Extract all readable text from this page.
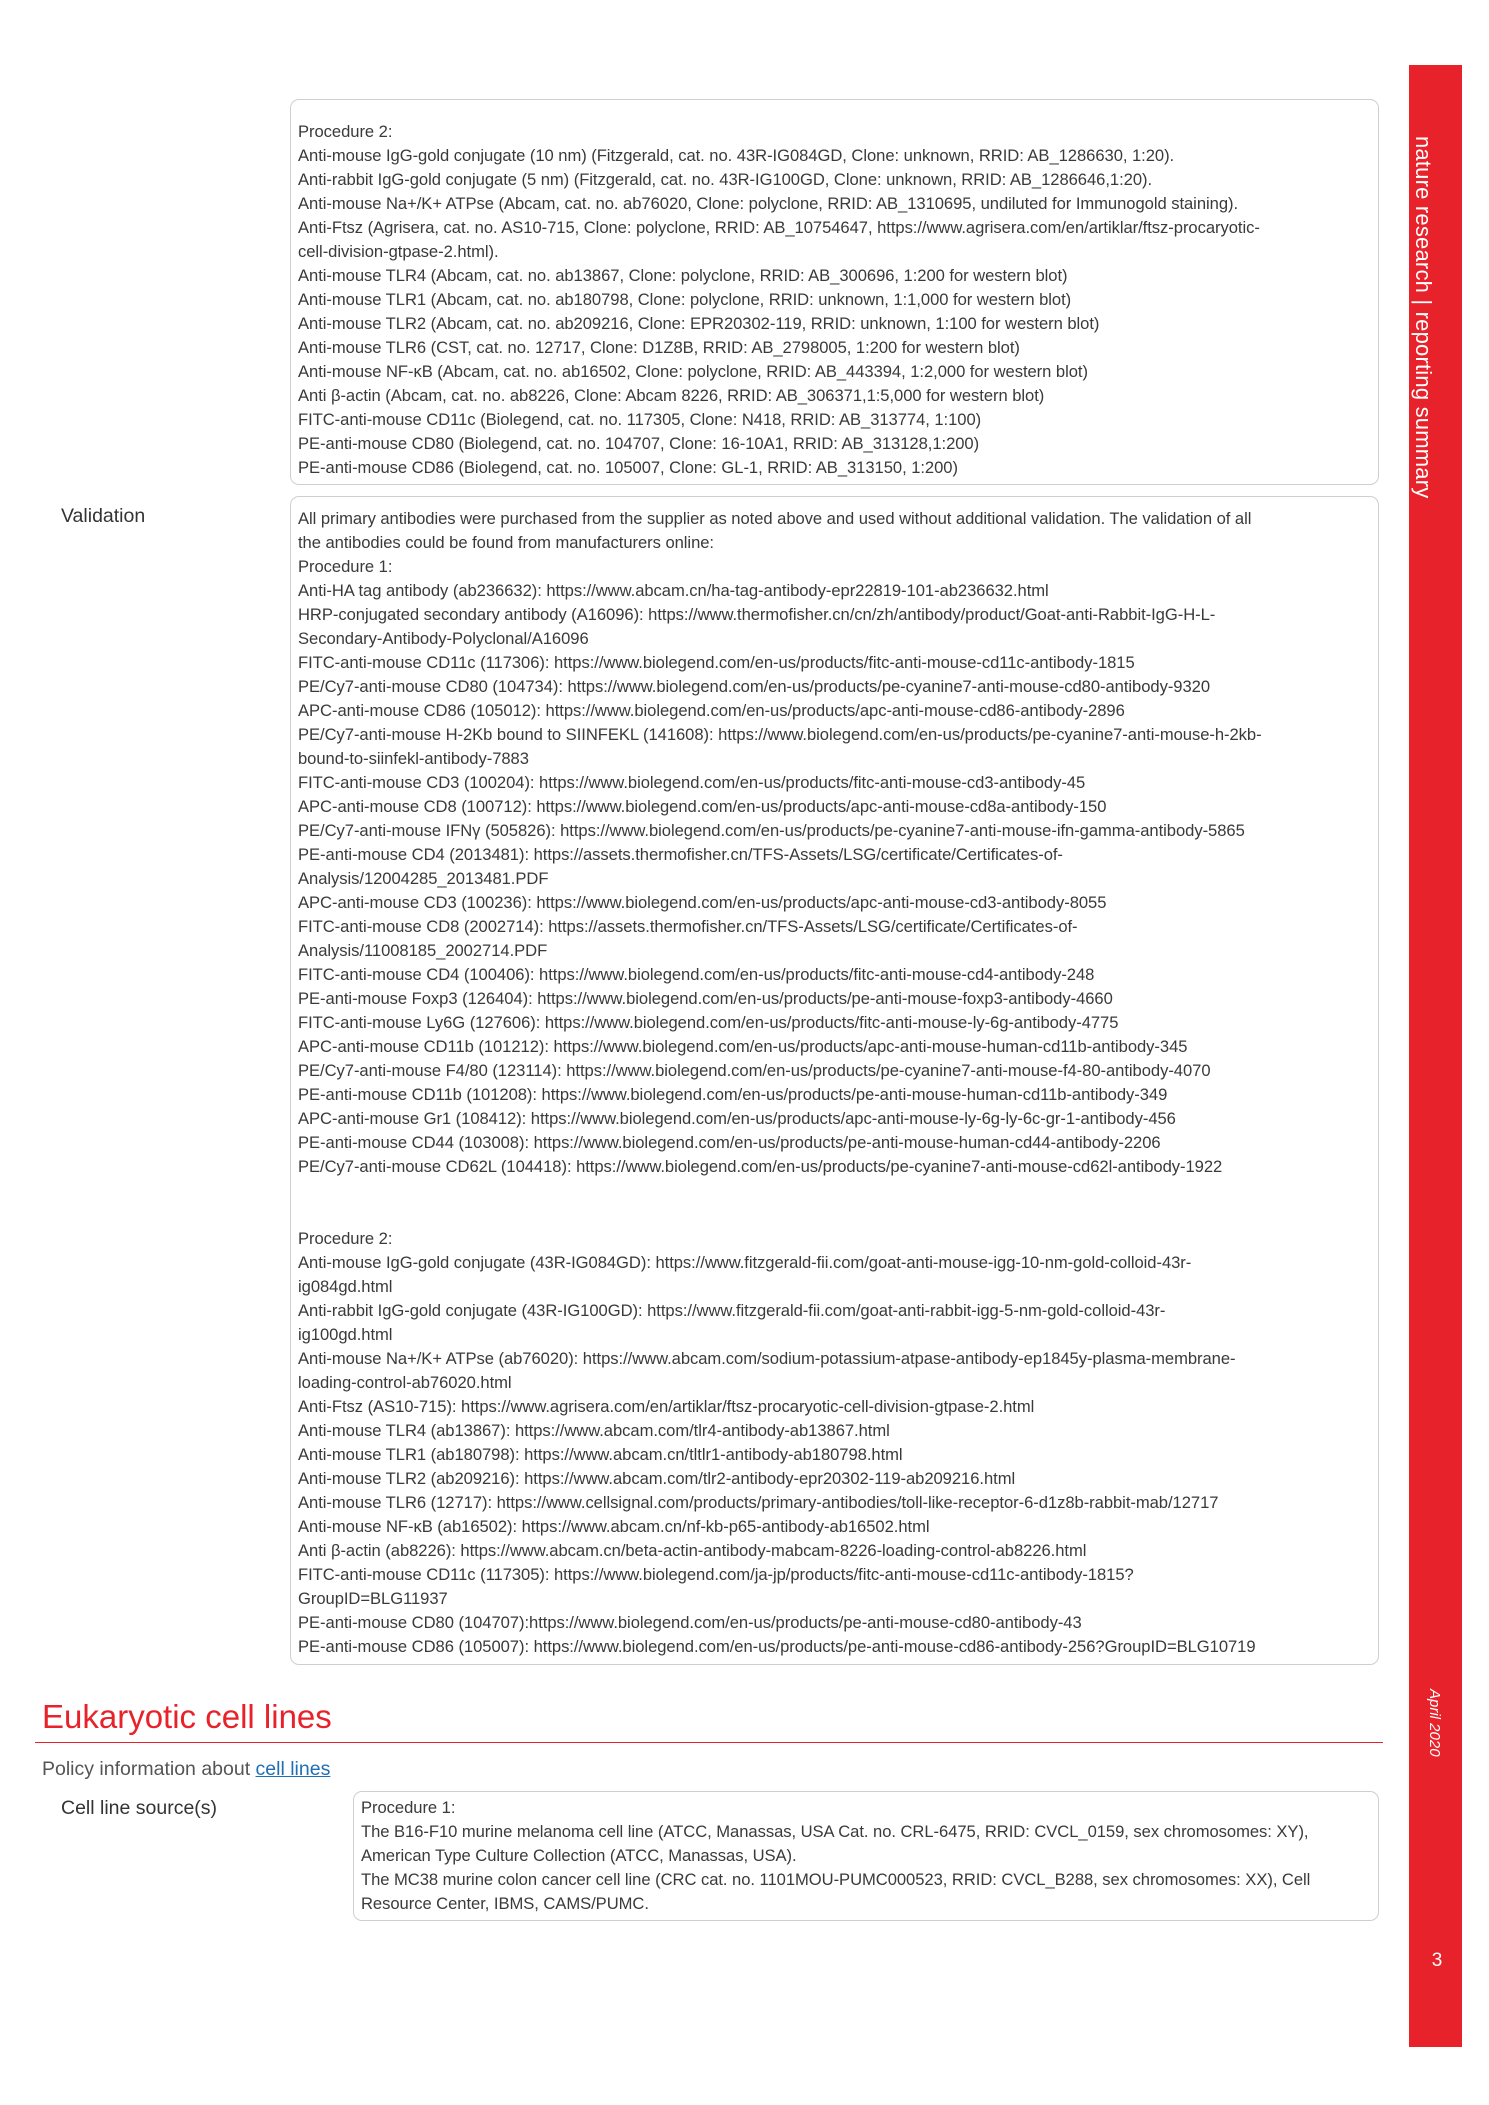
Procedure 2:
Anti-mouse IgG-gold conjugate (10 nm) (Fitzgerald, cat. no. 43R-IG084GD, Clone: unknown, RRID: AB_1286630, 1:20).
Anti-rabbit IgG-gold conjugate (5 nm) (Fitzgerald, cat. no. 43R-IG100GD, Clone: unknown, RRID: AB_1286646,1:20).
Anti-mouse Na+/K+ ATPse (Abcam, cat. no. ab76020, Clone: polyclone, RRID: AB_1310695, undiluted for Immunogold staining).
Anti-Ftsz (Agrisera, cat. no. AS10-715, Clone: polyclone, RRID: AB_10754647, https://www.agrisera.com/en/artiklar/ftsz-procaryotic-
cell-division-gtpase-2.html).
Anti-mouse TLR4 (Abcam, cat. no. ab13867, Clone: polyclone, RRID: AB_300696, 1:200 for western blot)
Anti-mouse TLR1 (Abcam, cat. no. ab180798, Clone: polyclone, RRID: unknown, 1:1,000 for western blot)
Anti-mouse TLR2 (Abcam, cat. no. ab209216, Clone: EPR20302-119, RRID: unknown, 1:100 for western blot)
Anti-mouse TLR6 (CST, cat. no. 12717, Clone: D1Z8B, RRID: AB_2798005, 1:200 for western blot)
Anti-mouse NF-κB (Abcam, cat. no. ab16502, Clone: polyclone, RRID: AB_443394, 1:2,000 for western blot)
Anti β-actin (Abcam, cat. no. ab8226, Clone: Abcam 8226, RRID: AB_306371,1:5,000 for western blot)
FITC-anti-mouse CD11c (Biolegend, cat. no. 117305, Clone: N418, RRID: AB_313774, 1:100)
PE-anti-mouse CD80 (Biolegend, cat. no. 104707, Clone: 16-10A1, RRID: AB_313128,1:200)
PE-anti-mouse CD86 (Biolegend, cat. no. 105007, Clone: GL-1, RRID: AB_313150, 1:200)
Validation	All primary antibodies were purchased from the supplier as noted above and used without additional validation. The validation of all
the antibodies could be found from manufacturers online:
Procedure 1:
Anti-HA tag antibody (ab236632): https://www.abcam.cn/ha-tag-antibody-epr22819-101-ab236632.html
HRP-conjugated secondary antibody (A16096): https://www.thermofisher.cn/cn/zh/antibody/product/Goat-anti-Rabbit-IgG-H-L-
Secondary-Antibody-Polyclonal/A16096
FITC-anti-mouse CD11c (117306): https://www.biolegend.com/en-us/products/fitc-anti-mouse-cd11c-antibody-1815
PE/Cy7-anti-mouse CD80 (104734): https://www.biolegend.com/en-us/products/pe-cyanine7-anti-mouse-cd80-antibody-9320
APC-anti-mouse CD86 (105012): https://www.biolegend.com/en-us/products/apc-anti-mouse-cd86-antibody-2896
PE/Cy7-anti-mouse H-2Kb bound to SIINFEKL (141608): https://www.biolegend.com/en-us/products/pe-cyanine7-anti-mouse-h-2kb-
bound-to-siinfekl-antibody-7883
FITC-anti-mouse CD3 (100204): https://www.biolegend.com/en-us/products/fitc-anti-mouse-cd3-antibody-45
APC-anti-mouse CD8 (100712): https://www.biolegend.com/en-us/products/apc-anti-mouse-cd8a-antibody-150
PE/Cy7-anti-mouse IFNγ (505826): https://www.biolegend.com/en-us/products/pe-cyanine7-anti-mouse-ifn-gamma-antibody-5865
PE-anti-mouse CD4 (2013481): https://assets.thermofisher.cn/TFS-Assets/LSG/certificate/Certificates-of-
Analysis/12004285_2013481.PDF
APC-anti-mouse CD3 (100236): https://www.biolegend.com/en-us/products/apc-anti-mouse-cd3-antibody-8055
FITC-anti-mouse CD8 (2002714): https://assets.thermofisher.cn/TFS-Assets/LSG/certificate/Certificates-of-
Analysis/11008185_2002714.PDF
FITC-anti-mouse CD4 (100406): https://www.biolegend.com/en-us/products/fitc-anti-mouse-cd4-antibody-248
PE-anti-mouse Foxp3 (126404): https://www.biolegend.com/en-us/products/pe-anti-mouse-foxp3-antibody-4660
FITC-anti-mouse Ly6G (127606): https://www.biolegend.com/en-us/products/fitc-anti-mouse-ly-6g-antibody-4775
APC-anti-mouse CD11b (101212): https://www.biolegend.com/en-us/products/apc-anti-mouse-human-cd11b-antibody-345
PE/Cy7-anti-mouse F4/80 (123114): https://www.biolegend.com/en-us/products/pe-cyanine7-anti-mouse-f4-80-antibody-4070
PE-anti-mouse CD11b (101208): https://www.biolegend.com/en-us/products/pe-anti-mouse-human-cd11b-antibody-349
APC-anti-mouse Gr1 (108412): https://www.biolegend.com/en-us/products/apc-anti-mouse-ly-6g-ly-6c-gr-1-antibody-456
PE-anti-mouse CD44 (103008): https://www.biolegend.com/en-us/products/pe-anti-mouse-human-cd44-antibody-2206
PE/Cy7-anti-mouse CD62L (104418): https://www.biolegend.com/en-us/products/pe-cyanine7-anti-mouse-cd62l-antibody-1922
Procedure 2:
Anti-mouse IgG-gold conjugate (43R-IG084GD): https://www.fitzgerald-fii.com/goat-anti-mouse-igg-10-nm-gold-colloid-43r-
ig084gd.html
Anti-rabbit IgG-gold conjugate (43R-IG100GD): https://www.fitzgerald-fii.com/goat-anti-rabbit-igg-5-nm-gold-colloid-43r-
ig100gd.html
Anti-mouse Na+/K+ ATPse (ab76020): https://www.abcam.com/sodium-potassium-atpase-antibody-ep1845y-plasma-membrane-
loading-control-ab76020.html
Anti-Ftsz (AS10-715): https://www.agrisera.com/en/artiklar/ftsz-procaryotic-cell-division-gtpase-2.html
Anti-mouse TLR4 (ab13867): https://www.abcam.com/tlr4-antibody-ab13867.html
Anti-mouse TLR1 (ab180798): https://www.abcam.cn/tltlr1-antibody-ab180798.html
Anti-mouse TLR2 (ab209216): https://www.abcam.com/tlr2-antibody-epr20302-119-ab209216.html
Anti-mouse TLR6 (12717): https://www.cellsignal.com/products/primary-antibodies/toll-like-receptor-6-d1z8b-rabbit-mab/12717
Anti-mouse NF-κB (ab16502): https://www.abcam.cn/nf-kb-p65-antibody-ab16502.html
Anti β-actin (ab8226): https://www.abcam.cn/beta-actin-antibody-mabcam-8226-loading-control-ab8226.html
FITC-anti-mouse CD11c (117305): https://www.biolegend.com/ja-jp/products/fitc-anti-mouse-cd11c-antibody-1815?
GroupID=BLG11937
PE-anti-mouse CD80 (104707):https://www.biolegend.com/en-us/products/pe-anti-mouse-cd80-antibody-43
PE-anti-mouse CD86 (105007): https://www.biolegend.com/en-us/products/pe-anti-mouse-cd86-antibody-256?GroupID=BLG10719
Eukaryotic cell lines
Policy information about cell lines
Cell line source(s)	Procedure 1:
The B16-F10 murine melanoma cell line (ATCC, Manassas, USA Cat. no. CRL-6475, RRID: CVCL_0159, sex chromosomes: XY),
American Type Culture Collection (ATCC, Manassas, USA).
The MC38 murine colon cancer cell line (CRC cat. no. 1101MOU-PUMC000523, RRID: CVCL_B288, sex chromosomes: XX), Cell
Resource Center, IBMS, CAMS/PUMC.
nature research | reporting summary
April 2020
3
